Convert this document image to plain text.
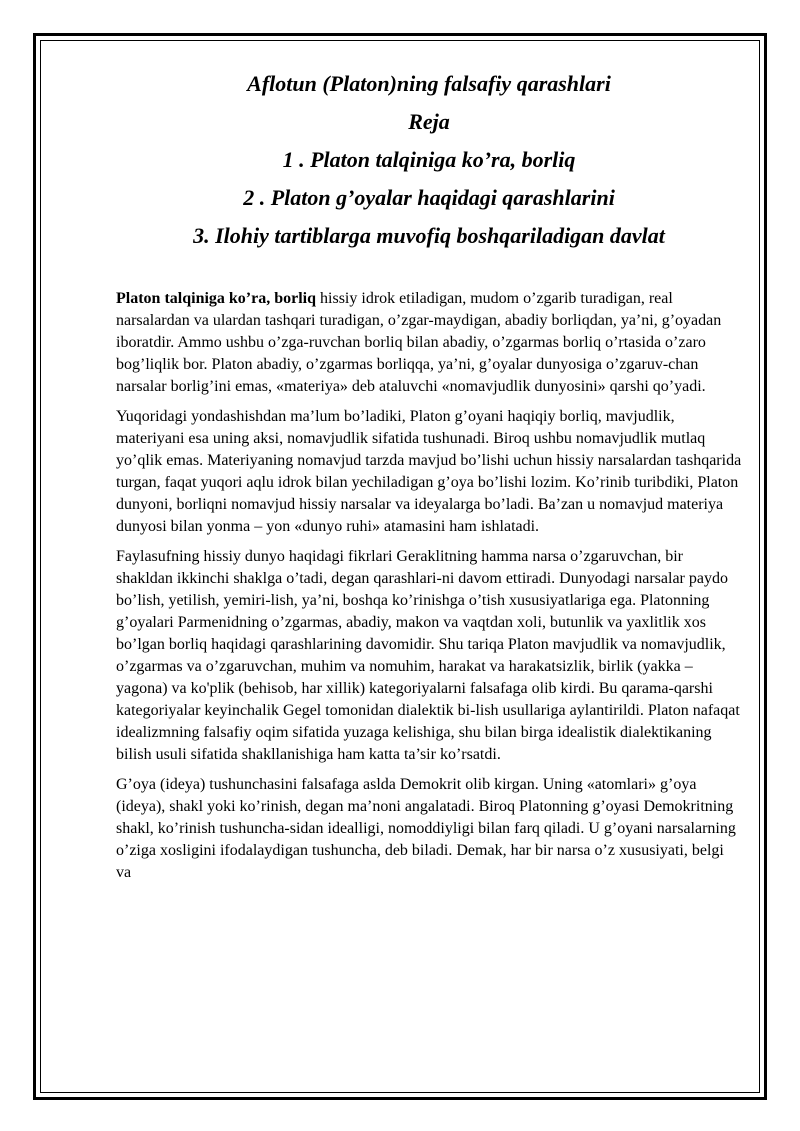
Aflotun (Platon)ning falsafiy qarashlari
Reja
1 . Platon talqiniga ko’ra, borliq
2 . Platon g’oyalar haqidagi qarashlarini
3. Ilohiy tartiblarga muvofiq boshqariladigan davlat

Platon talqiniga ko’ra, borliq hissiy idrok etiladigan, mudom o’zgarib turadigan, real narsalardan va ulardan tashqari turadigan, o’zgar-maydigan, abadiy borliqdan, ya’ni, g’oyadan iboratdir. Ammo ushbu o’zga-ruvchan borliq bilan abadiy, o’zgarmas borliq o’rtasida o’zaro bog’liqlik bor. Platon abadiy, o’zgarmas borliqqa, ya’ni, g’oyalar dunyosiga o’zgaruv-chan narsalar borlig’ini emas, «materiya» deb ataluvchi «nomavjudlik dunyosini» qarshi qo’yadi.

Yuqoridagi yondashishdan ma’lum bo’ladiki, Platon g’oyani haqiqiy borliq, mavjudlik, materiyani esa uning aksi, nomavjudlik sifatida tushunadi. Biroq ushbu nomavjudlik mutlaq yo’qlik emas. Materiyaning nomavjud tarzda mavjud bo’lishi uchun hissiy narsalardan tashqarida turgan, faqat yuqori aqlu idrok bilan yechiladigan g’oya bo’lishi lozim. Ko’rinib turibdiki, Platon dunyoni, borliqni nomavjud hissiy narsalar va ideyalarga bo’ladi. Ba’zan u nomavjud materiya dunyosi bilan yonma – yon «dunyo ruhi» atamasini ham ishlatadi.

Faylasufning hissiy dunyo haqidagi fikrlari Geraklitning hamma narsa o’zgaruvchan, bir shakldan ikkinchi shaklga o’tadi, degan qarashlari-ni davom ettiradi. Dunyodagi narsalar paydo bo’lish, yetilish, yemiri-lish, ya’ni, boshqa ko’rinishga o’tish xususiyatlariga ega. Platonning g’oyalari Parmenidning o’zgarmas, abadiy, makon va vaqtdan xoli, butunlik va yaxlitlik xos bo’lgan borliq haqidagi qarashlarining davomidir. Shu tariqa Platon mavjudlik va nomavjudlik, o’zgarmas va o’zgaruvchan, muhim va nomuhim, harakat va harakatsizlik, birlik (yakka – yagona) va ko'plik (behisob, har xillik) kategoriyalarni falsafaga olib kirdi. Bu qarama-qarshi kategoriyalar keyinchalik Gegel tomonidan dialektik bi-lish usullariga aylantirildi. Platon nafaqat idealizmning falsafiy oqim sifatida yuzaga kelishiga, shu bilan birga idealistik dialektikaning bilish usuli sifatida shakllanishiga ham katta ta’sir ko’rsatdi.

G’oya (ideya) tushunchasini falsafaga aslda Demokrit olib kirgan. Uning «atomlari» g’oya (ideya), shakl yoki ko’rinish, degan ma’noni angalatadi. Biroq Platonning g’oyasi Demokritning shakl, ko’rinish tushuncha-sidan idealligi, nomoddiyligi bilan farq qiladi. U g’oyani narsalarning o’ziga xosligini ifodalaydigan tushuncha, deb biladi. Demak, har bir narsa o’z xususiyati, belgi va
